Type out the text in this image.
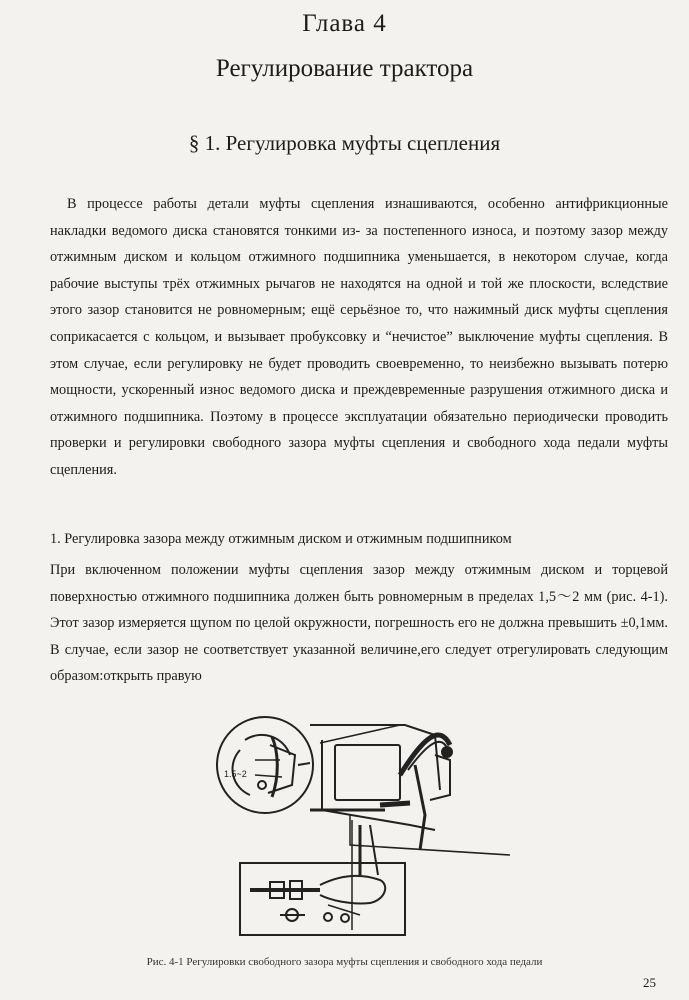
Глава 4
Регулирование трактора
§ 1. Регулировка муфты сцепления
В процессе работы детали муфты сцепления изнашиваются, особенно антифрикционные накладки ведомого диска становятся тонкими из- за постепенного износа, и поэтому зазор между отжимным диском и кольцом отжимного подшипника уменьшается, в некотором случае, когда рабочие выступы трёх отжимных рычагов не находятся на одной и той же плоскости, вследствие этого зазор становится не ровномерным; ещё серьёзное то, что нажимный диск муфты сцепления соприкасается с кольцом, и вызывает пробуксовку и “нечистое” выключение муфты сцепления. В этом случае, если регулировку не будет проводить своевременно, то неизбежно вызывать потерю мощности, ускоренный износ ведомого диска и преждевременные разрушения отжимного диска и отжимного подшипника. Поэтому в процессе эксплуатации обязательно периодически проводить проверки и регулировки свободного зазора муфты сцепления и свободного хода педали муфты сцепления.
1. Регулировка зазора между отжимным диском и отжимным подшипником
При включенном положении муфты сцепления зазор между отжимным диском и торцевой поверхностью отжимного подшипника должен быть ровномерным в пределах 1,5～2 мм (рис. 4-1). Этот зазор измеряется щупом по целой окружности, погрешность его не должна превышить ±0,1мм. В случае, если зазор не соответствует указанной величине,его следует отрегулировать следующим образом:открыть правую
1.5~2
Рис. 4-1 Регулировки свободного зазора муфты сцепления и свободного хода педали
25
